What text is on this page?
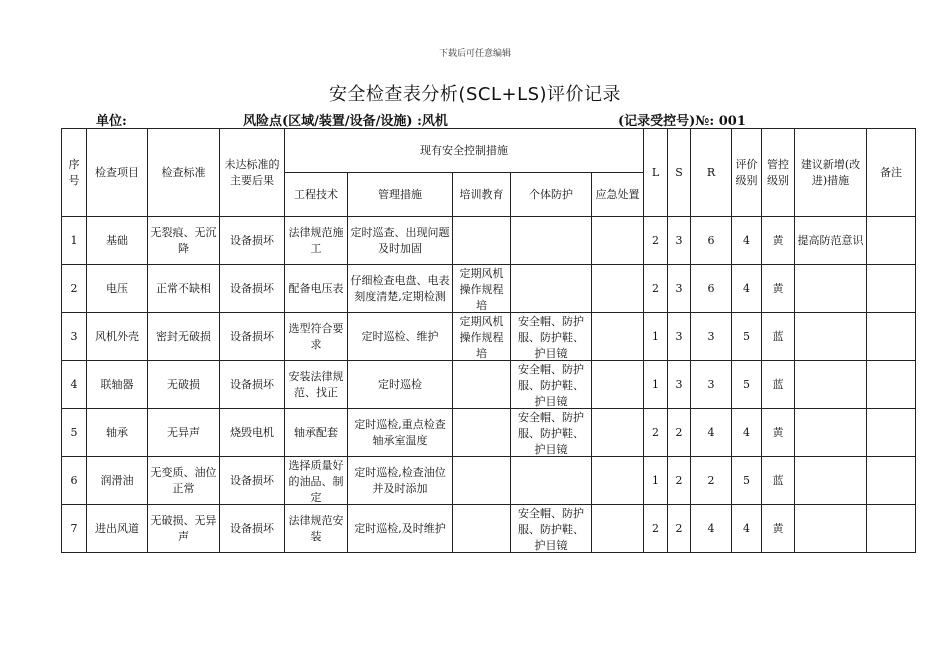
下载后可任意编辑
安全检查表分析(SCL+LS)评价记录
单位:	风险点(区域/装置/设备/设施) :风机	(记录受控号)№: 001
序号	检查项目	检查标准	未达标准的主要后果	现有安全控制措施					L	S	R	评价级别	管控级别	建议新增(改进)措施	备注
				工程技术	管理措施	培训教育	个体防护	应急处置							

1	基础	无裂痕、无沉降	设备损坏	法律规范施工	定时巡查、出现问题及时加固				2	3	6	4	黄	提高防范意识	

2	电压	正常不缺相	设备损坏	配备电压表	仔细检查电盘、电表刻度清楚,定期检测	定期风机操作规程培			2	3	6	4	黄		

3	风机外壳	密封无破损	设备损坏	选型符合要求	定时巡检、维护	定期风机操作规程培	安全帽、防护服、防护鞋、护目镜		1	3	3	5	蓝		

4	联轴器	无破损	设备损坏	安装法律规范、找正	定时巡检		安全帽、防护服、防护鞋、护目镜		1	3	3	5	蓝		

5	轴承	无异声	烧毁电机	轴承配套	定时巡检,重点检查轴承室温度		安全帽、防护服、防护鞋、护目镜		2	2	4	4	黄		

6	润滑油	无变质、油位正常	设备损坏	选择质量好的油品、制定	定时巡检,检查油位并及时添加				1	2	2	5	蓝		

7	进出风道	无破损、无异声	设备损坏	法律规范安装	定时巡检,及时维护		安全帽、防护服、防护鞋、护目镜		2	2	4	4	黄		
